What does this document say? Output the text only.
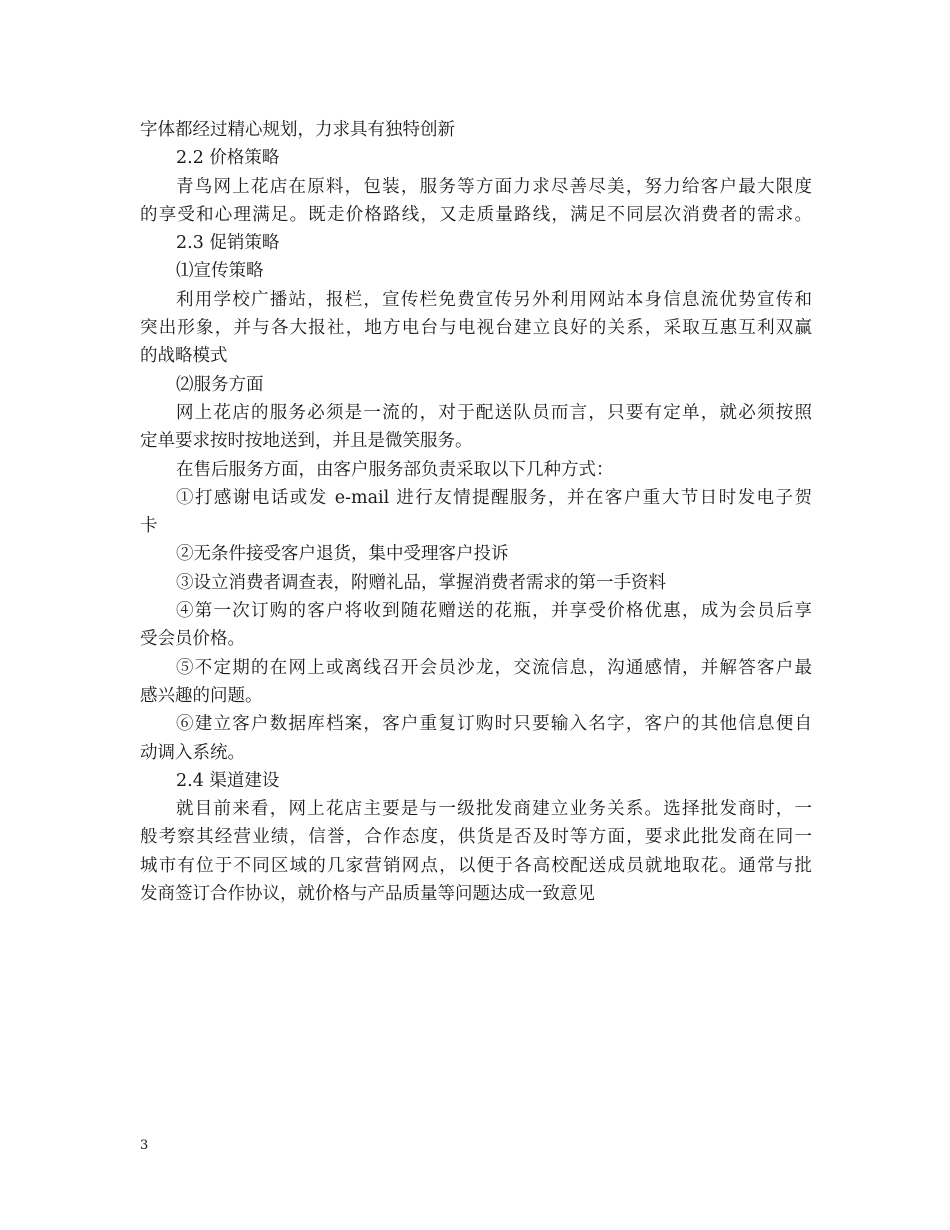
字体都经过精心规划，力求具有独特创新
2.2 价格策略
青鸟网上花店在原料，包装，服务等方面力求尽善尽美，努力给客户最大限度
的享受和心理满足。既走价格路线，又走质量路线，满足不同层次消费者的需求。
2.3 促销策略
⑴宣传策略
利用学校广播站，报栏，宣传栏免费宣传另外利用网站本身信息流优势宣传和
突出形象，并与各大报社，地方电台与电视台建立良好的关系，采取互惠互利双赢
的战略模式
⑵服务方面
网上花店的服务必须是一流的，对于配送队员而言，只要有定单，就必须按照
定单要求按时按地送到，并且是微笑服务。
在售后服务方面，由客户服务部负责采取以下几种方式：
①打感谢电话或发 e-mail 进行友情提醒服务，并在客户重大节日时发电子贺
卡
②无条件接受客户退货，集中受理客户投诉
③设立消费者调查表，附赠礼品，掌握消费者需求的第一手资料
④第一次订购的客户将收到随花赠送的花瓶，并享受价格优惠，成为会员后享
受会员价格。
⑤不定期的在网上或离线召开会员沙龙，交流信息，沟通感情，并解答客户最
感兴趣的问题。
⑥建立客户数据库档案，客户重复订购时只要输入名字，客户的其他信息便自
动调入系统。
2.4 渠道建设
就目前来看，网上花店主要是与一级批发商建立业务关系。选择批发商时，一
般考察其经营业绩，信誉，合作态度，供货是否及时等方面，要求此批发商在同一
城市有位于不同区域的几家营销网点，以便于各高校配送成员就地取花。通常与批
发商签订合作协议，就价格与产品质量等问题达成一致意见
3
